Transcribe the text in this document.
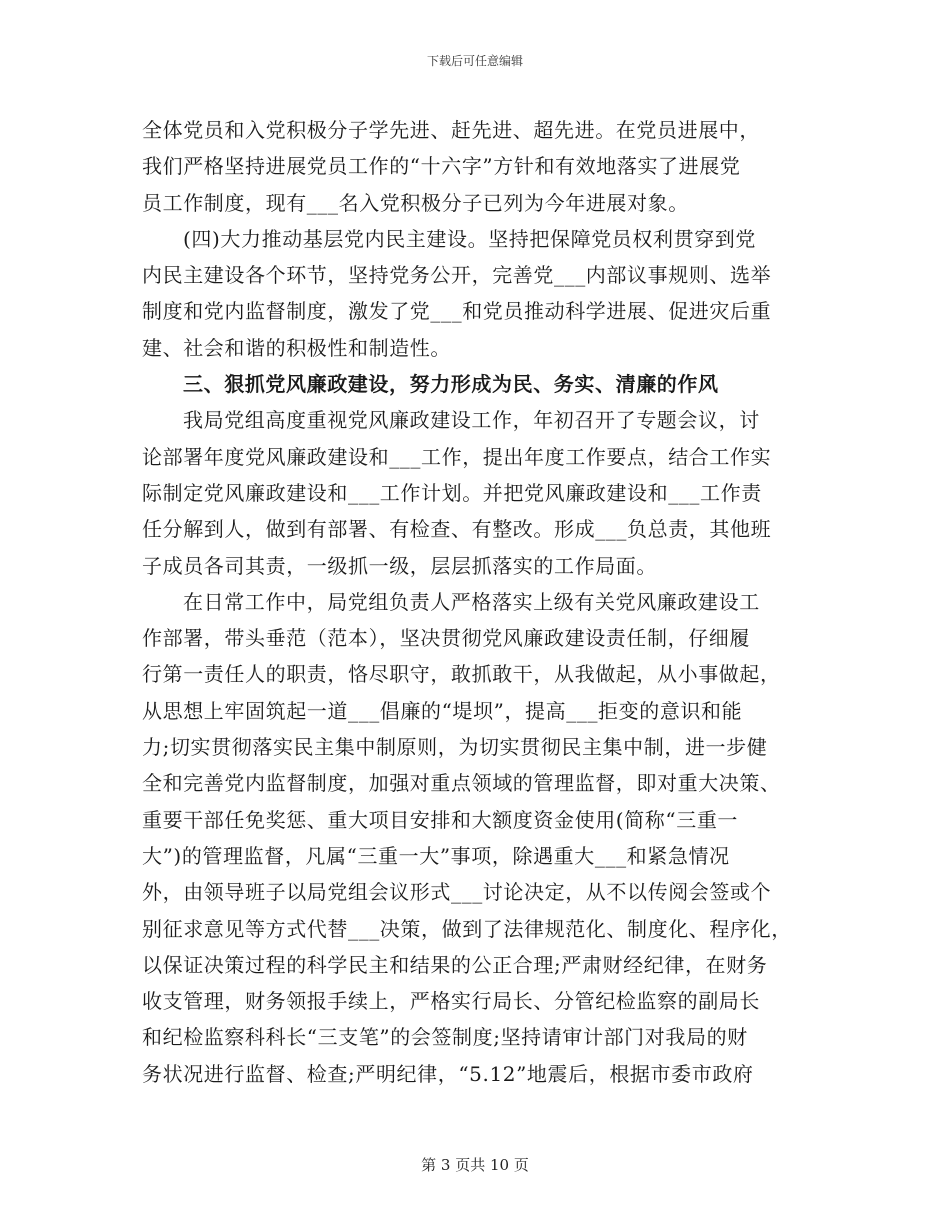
下载后可任意编辑
全体党员和入党积极分子学先进、赶先进、超先进。在党员进展中，
我们严格坚持进展党员工作的“十六字”方针和有效地落实了进展党
员工作制度，现有___名入党积极分子已列为今年进展对象。
(四)大力推动基层党内民主建设。坚持把保障党员权利贯穿到党
内民主建设各个环节，坚持党务公开，完善党___内部议事规则、选举
制度和党内监督制度，激发了党___和党员推动科学进展、促进灾后重
建、社会和谐的积极性和制造性。
三、狠抓党风廉政建设，努力形成为民、务实、清廉的作风
我局党组高度重视党风廉政建设工作，年初召开了专题会议，讨
论部署年度党风廉政建设和___工作，提出年度工作要点，结合工作实
际制定党风廉政建设和___工作计划。并把党风廉政建设和___工作责
任分解到人，做到有部署、有检查、有整改。形成___负总责，其他班
子成员各司其责，一级抓一级，层层抓落实的工作局面。
在日常工作中，局党组负责人严格落实上级有关党风廉政建设工
作部署，带头垂范（范本），坚决贯彻党风廉政建设责任制，仔细履
行第一责任人的职责，恪尽职守，敢抓敢干，从我做起，从小事做起，
从思想上牢固筑起一道___倡廉的“堤坝”，提高___拒变的意识和能
力;切实贯彻落实民主集中制原则，为切实贯彻民主集中制，进一步健
全和完善党内监督制度，加强对重点领域的管理监督，即对重大决策、
重要干部任免奖惩、重大项目安排和大额度资金使用(简称“三重一
大”)的管理监督，凡属“三重一大”事项，除遇重大___和紧急情况
外，由领导班子以局党组会议形式___讨论决定，从不以传阅会签或个
别征求意见等方式代替___决策，做到了法律规范化、制度化、程序化，
以保证决策过程的科学民主和结果的公正合理;严肃财经纪律，在财务
收支管理，财务领报手续上，严格实行局长、分管纪检监察的副局长
和纪检监察科科长“三支笔”的会签制度;坚持请审计部门对我局的财
务状况进行监督、检查;严明纪律，“5.12”地震后，根据市委市政府
第 3 页共 10 页
